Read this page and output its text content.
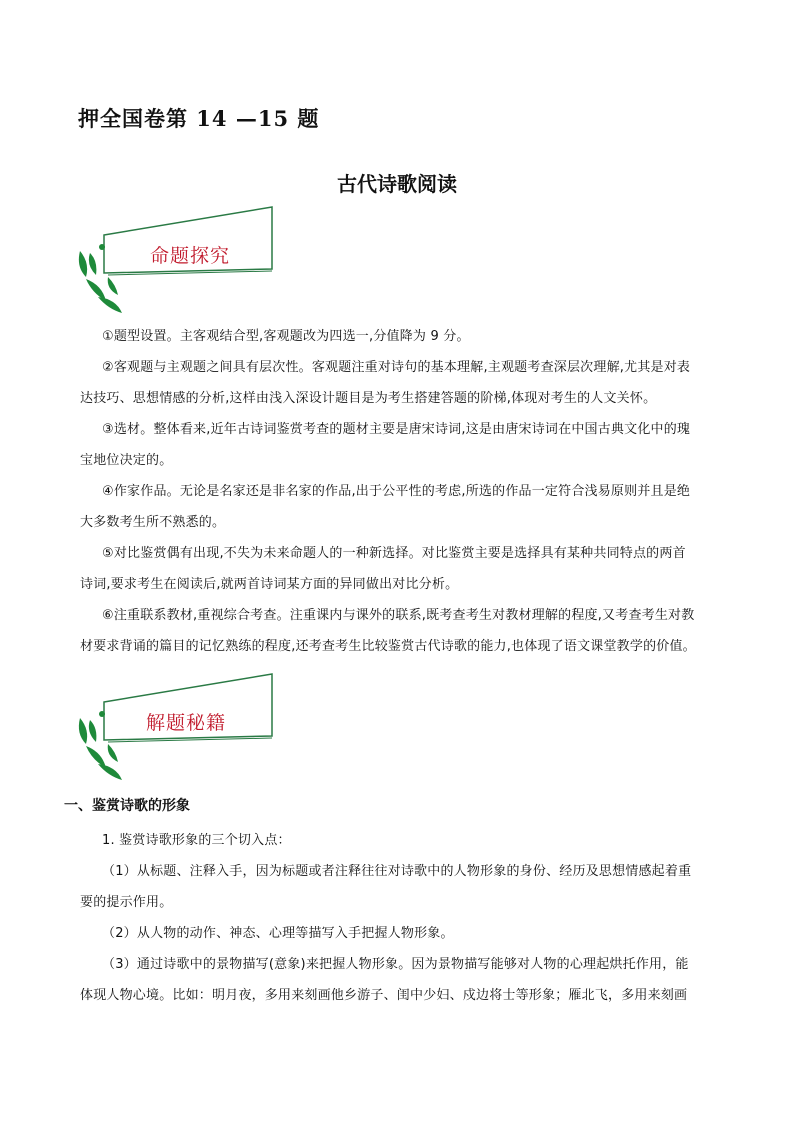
押全国卷第 14 —15 题
古代诗歌阅读
命题探究
①题型设置。主客观结合型,客观题改为四选一,分值降为 9 分。
②客观题与主观题之间具有层次性。客观题注重对诗句的基本理解,主观题考查深层次理解,尤其是对表
达技巧、思想情感的分析,这样由浅入深设计题目是为考生搭建答题的阶梯,体现对考生的人文关怀。
③选材。整体看来,近年古诗词鉴赏考查的题材主要是唐宋诗词,这是由唐宋诗词在中国古典文化中的瑰
宝地位决定的。
④作家作品。无论是名家还是非名家的作品,出于公平性的考虑,所选的作品一定符合浅易原则并且是绝
大多数考生所不熟悉的。
⑤对比鉴赏偶有出现,不失为未来命题人的一种新选择。对比鉴赏主要是选择具有某种共同特点的两首
诗词,要求考生在阅读后,就两首诗词某方面的异同做出对比分析。
⑥注重联系教材,重视综合考查。注重课内与课外的联系,既考查考生对教材理解的程度,又考查考生对教
材要求背诵的篇目的记忆熟练的程度,还考查考生比较鉴赏古代诗歌的能力,也体现了语文课堂教学的价值。
解题秘籍
一、鉴赏诗歌的形象
1. 鉴赏诗歌形象的三个切入点：
（1）从标题、注释入手，因为标题或者注释往往对诗歌中的人物形象的身份、经历及思想情感起着重
要的提示作用。
（2）从人物的动作、神态、心理等描写入手把握人物形象。
（3）通过诗歌中的景物描写(意象)来把握人物形象。因为景物描写能够对人物的心理起烘托作用，能
体现人物心境。比如：明月夜，多用来刻画他乡游子、闺中少妇、戍边将士等形象；雁北飞，多用来刻画
